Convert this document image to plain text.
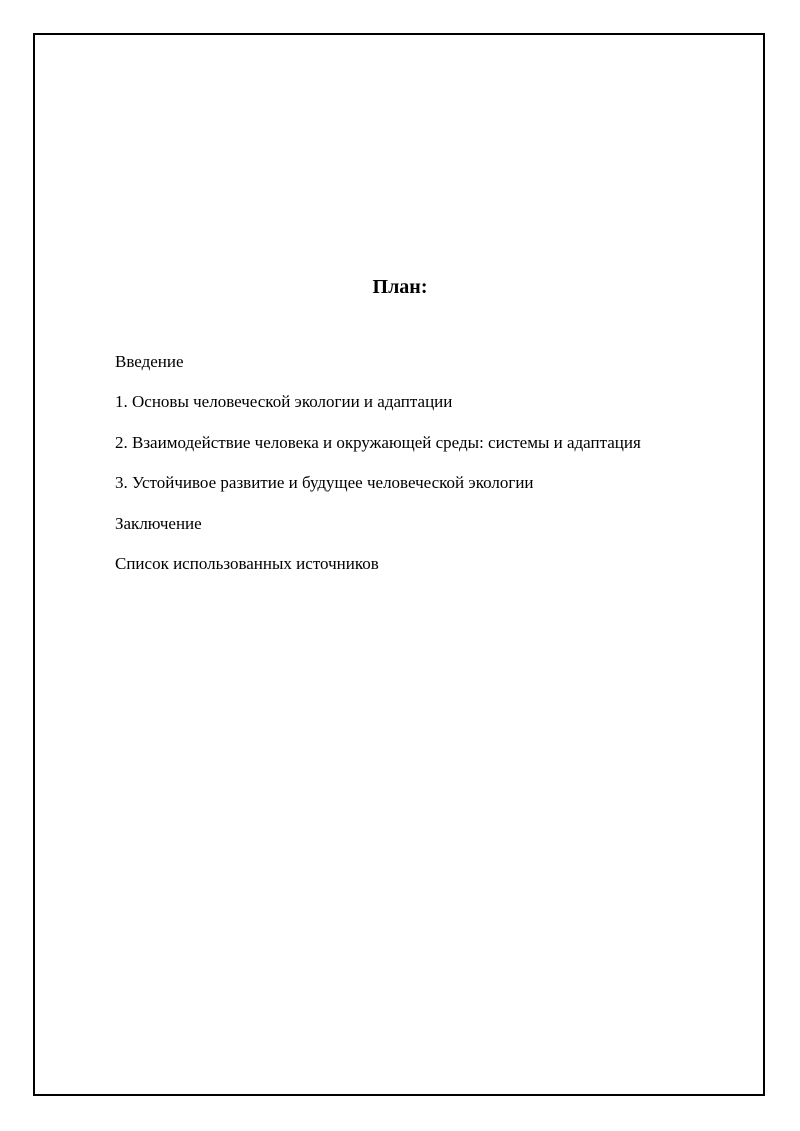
План:
Введение
1. Основы человеческой экологии и адаптации
2. Взаимодействие человека и окружающей среды: системы и адаптация
3. Устойчивое развитие и будущее человеческой экологии
Заключение
Список использованных источников
